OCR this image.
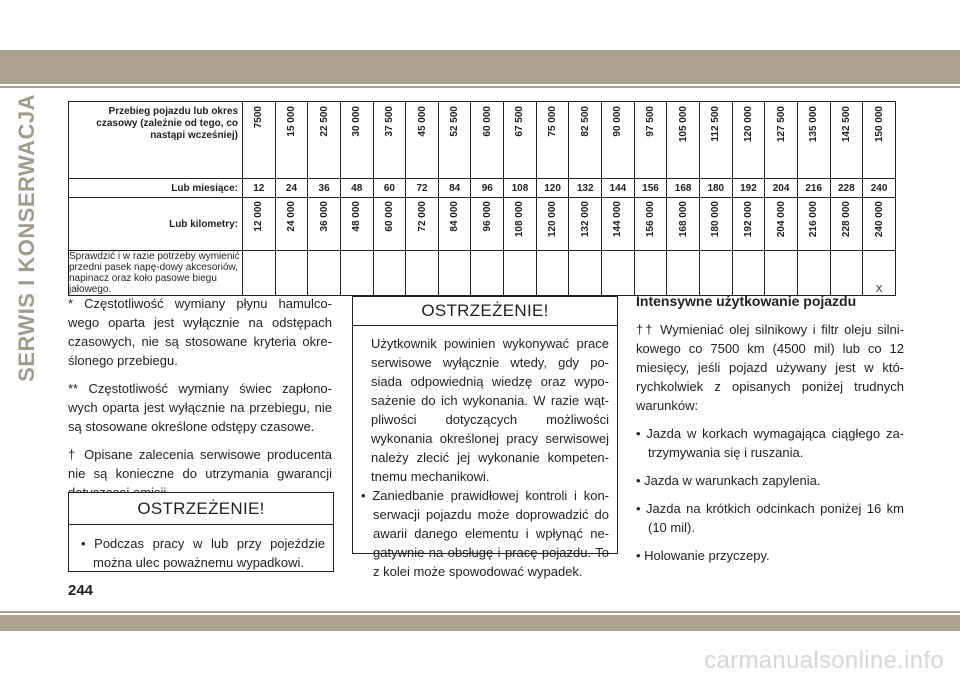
SERWIS I KONSERWACJA	Przebieg pojazdu lub okres czasowy (zależnie od tego, co nastąpi wcześniej)	7500	15 000	22 500	30 000	37 500	45 000	52 500	60 000	67 500	75 000	82 500	90 000	97 500	105 000	112 500	120 000	127 500	135 000	142 500	150 000
Lub miesiące:	12	24	36	48	60	72	84	96	108	120	132	144	156	168	180	192	204	216	228	240
Lub kilometry:	12 000	24 000	36 000	48 000	60 000	72 000	84 000	96 000	108 000	120 000	132 000	144 000	156 000	168 000	180 000	192 000	204 000	216 000	228 000	240 000
Sprawdzić i w razie potrzeby wymienić przedni pasek napę-dowy akcesoriów, napinacz oraz koło pasowe biegu jałowego.																				X

* Częstotliwość wymiany płynu hamulco-wego oparta jest wyłącznie na odstępach czasowych, nie są stosowane kryteria okre-ślonego przebiegu.

** Częstotliwość wymiany świec zapłono-wych oparta jest wyłącznie na przebiegu, nie są stosowane określone odstępy czasowe.

† Opisane zalecenia serwisowe producenta nie są konieczne do utrzymania gwarancji

OSTRZEŻENIE!
• Podczas pracy w lub przy pojeździe można ulec poważnemu wypadkowi.
OSTRZEŻENIE!

Użytkownik powinien wykonywać prace serwisowe wyłącznie wtedy, gdy po-siada odpowiednią wiedzę oraz wypo-sażenie do ich wykonania. W razie wąt-pliwości dotyczących możliwości wykonania określonej pracy serwisowej należy zlecić jej wykonanie kompeten-tnemu mechanikowi.

• Zaniedbanie prawidłowej kontroli i kon-serwacji pojazdu może doprowadzić do awarii danego elementu i wpłynąć ne-gatywnie na obsługę i pracę pojazdu. To z kolei może spowodować wypadek.
Intensywne użytkowanie pojazdu

†† Wymieniać olej silnikowy i filtr oleju silni-kowego co 7500 km (4500 mil) lub co 12 miesięcy, jeśli pojazd używany jest w któ-rychkolwiek z opisanych poniżej trudnych warunków:

• Jazda w korkach wymagająca ciągłego za-trzymywania się i ruszania.
• Jazda w warunkach zapylenia.
• Jazda na krótkich odcinkach poniżej 16 km (10 mil).
• Holowanie przyczepy.
244
carmanualsonline.info
